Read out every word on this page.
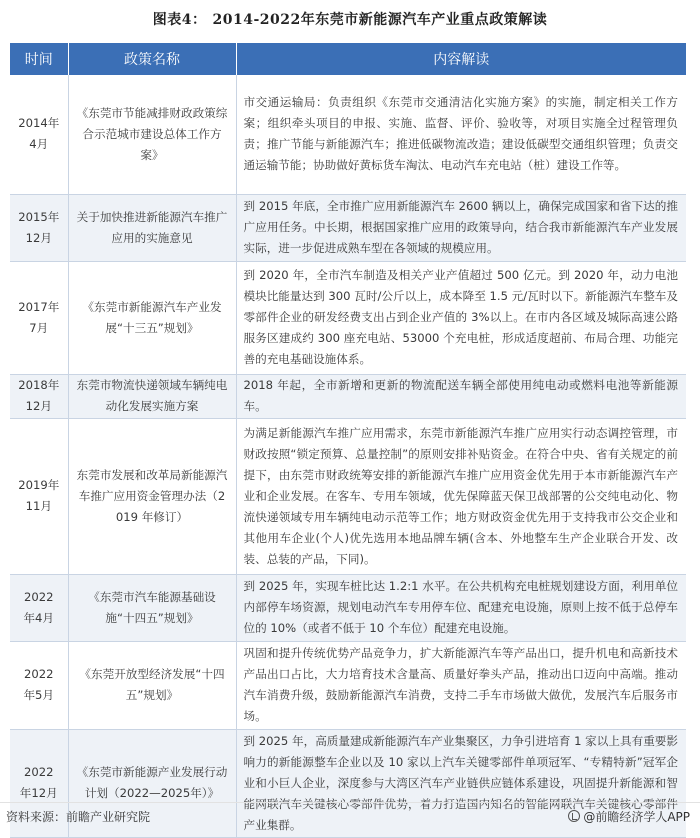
图表4： 2014-2022年东莞市新能源汽车产业重点政策解读
时间	政策名称	内容解读

2014年
4月	《东莞市节能减排财政政策综合示范城市建设总体工作方案》	市交通运输局：负责组织《东莞市交通清洁化实施方案》的实施，制定相关工作方案；组织牵头项目的申报、实施、监督、评价、验收等，对项目实施全过程管理负责；推广节能与新能源汽车；推进低碳物流改造；建设低碳型交通组织管理；负责交通运输节能；协助做好黄标货车淘汰、电动汽车充电站（桩）建设工作等。

2015年
12月	关于加快推进新能源汽车推广应用的实施意见	到 2015 年底，全市推广应用新能源汽车 2600 辆以上，确保完成国家和省下达的推广应用任务。中长期，根据国家推广应用的政策导向，结合我市新能源汽车产业发展实际，进一步促进成熟车型在各领域的规模应用。

2017年
7月	《东莞市新能源汽车产业发展“十三五”规划》	到 2020 年，全市汽车制造及相关产业产值超过 500 亿元。到 2020 年，动力电池模块比能量达到 300 瓦时/公斤以上，成本降至 1.5 元/瓦时以下。新能源汽车整车及零部件企业的研发经费支出占到企业产值的 3%以上。在市内各区域及城际高速公路服务区建成约 300 座充电站、53000 个充电桩，形成适度超前、布局合理、功能完善的充电基础设施体系。

2018年
12月	东莞市物流快递领域车辆纯电动化发展实施方案	2018 年起，全市新增和更新的物流配送车辆全部使用纯电动或燃料电池等新能源车。

2019年
11月	东莞市发展和改革局新能源汽车推广应用资金管理办法（2019 年修订）	为满足新能源汽车推广应用需求，东莞市新能源汽车推广应用实行动态调控管理，市财政按照“锁定预算、总量控制”的原则安排补贴资金。在符合中央、省有关规定的前提下，由东莞市财政统筹安排的新能源汽车推广应用资金优先用于本市新能源汽车产业和企业发展。在客车、专用车领域，优先保障蓝天保卫战部署的公交纯电动化、物流快递领域专用车辆纯电动示范等工作；地方财政资金优先用于支持我市公交企业和其他用车企业(个人)优先选用本地品牌车辆(含本、外地整车生产企业联合开发、改装、总装的产品，下同)。

2022
年4月	《东莞市汽车能源基础设施“十四五”规划》	到 2025 年，实现车桩比达 1.2:1 水平。在公共机构充电桩规划建设方面，利用单位内部停车场资源，规划电动汽车专用停车位、配建充电设施，原则上按不低于总停车位的 10%（或者不低于 10 个车位）配建充电设施。

2022
年5月	《东莞开放型经济发展“十四五”规划》	巩固和提升传统优势产品竞争力，扩大新能源汽车等产品出口，提升机电和高新技术产品出口占比，大力培育技术含量高、质量好拳头产品，推动出口迈向中高端。推动汽车消费升级，鼓励新能源汽车消费，支持二手车市场做大做优，发展汽车后服务市场。

2022
年12月	《东莞市新能源产业发展行动计划（2022—2025年）》	到 2025 年，高质量建成新能源汽车产业集聚区，力争引进培育 1 家以上具有重要影响力的新能源整车企业以及 10 家以上汽车关键零部件单项冠军、“专精特新”冠军企业和小巨人企业，深度参与大湾区汽车产业链供应链体系建设，巩固提升新能源和智能网联汽车关键核心零部件优势，着力打造国内知名的智能网联汽车关键核心零部件产业集群。
资料来源：前瞻产业研究院	@前瞻经济学人APP
